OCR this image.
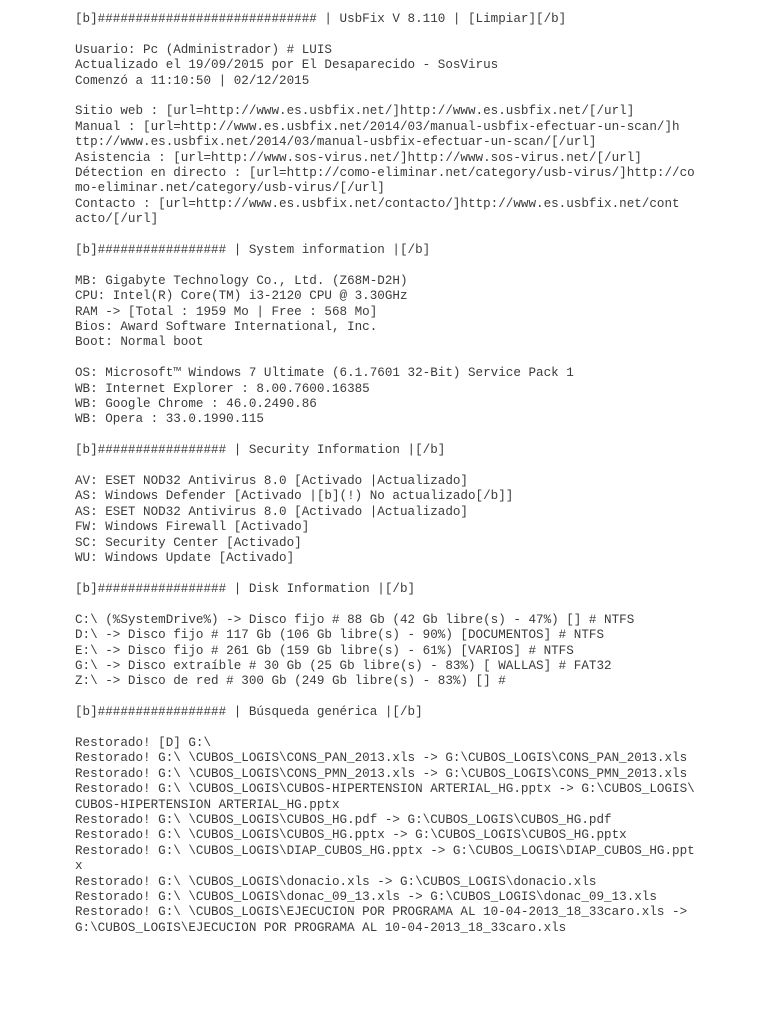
[b]############################# | UsbFix V 8.110 | [Limpiar][/b]
Usuario: Pc (Administrador) # LUIS
Actualizado el 19/09/2015 por El Desaparecido - SosVirus
Comenzó a 11:10:50 | 02/12/2015
Sitio web : [url=http://www.es.usbfix.net/]http://www.es.usbfix.net/[/url]
Manual : [url=http://www.es.usbfix.net/2014/03/manual-usbfix-efectuar-un-scan/]h
ttp://www.es.usbfix.net/2014/03/manual-usbfix-efectuar-un-scan/[/url]
Asistencia : [url=http://www.sos-virus.net/]http://www.sos-virus.net/[/url]
Détection en directo : [url=http://como-eliminar.net/category/usb-virus/]http://co
mo-eliminar.net/category/usb-virus/[/url]
Contacto : [url=http://www.es.usbfix.net/contacto/]http://www.es.usbfix.net/cont
acto/[/url]
[b]################# | System information |[/b]
MB: Gigabyte Technology Co., Ltd. (Z68M-D2H)
CPU: Intel(R) Core(TM) i3-2120 CPU @ 3.30GHz
RAM -> [Total : 1959 Mo | Free : 568 Mo]
Bios: Award Software International, Inc.
Boot: Normal boot
OS: Microsoft™ Windows 7 Ultimate (6.1.7601 32-Bit) Service Pack 1
WB: Internet Explorer : 8.00.7600.16385
WB: Google Chrome : 46.0.2490.86
WB: Opera : 33.0.1990.115
[b]################# | Security Information |[/b]
AV: ESET NOD32 Antivirus 8.0 [Activado |Actualizado]
AS: Windows Defender [Activado |[b](!) No actualizado[/b]]
AS: ESET NOD32 Antivirus 8.0 [Activado |Actualizado]
FW: Windows Firewall [Activado]
SC: Security Center [Activado]
WU: Windows Update [Activado]
[b]################# | Disk Information |[/b]
C:\ (%SystemDrive%) -> Disco fijo # 88 Gb (42 Gb libre(s) - 47%) [] # NTFS
D:\ -> Disco fijo # 117 Gb (106 Gb libre(s) - 90%) [DOCUMENTOS] # NTFS
E:\ -> Disco fijo # 261 Gb (159 Gb libre(s) - 61%) [VARIOS] # NTFS
G:\ -> Disco extraíble # 30 Gb (25 Gb libre(s) - 83%) [ WALLAS] # FAT32
Z:\ -> Disco de red # 300 Gb (249 Gb libre(s) - 83%) [] #
[b]################# | Búsqueda genérica |[/b]
Restorado! [D] G:\
Restorado! G:\ \CUBOS_LOGIS\CONS_PAN_2013.xls -> G:\CUBOS_LOGIS\CONS_PAN_2013.xls
Restorado! G:\ \CUBOS_LOGIS\CONS_PMN_2013.xls -> G:\CUBOS_LOGIS\CONS_PMN_2013.xls
Restorado! G:\ \CUBOS_LOGIS\CUBOS-HIPERTENSION ARTERIAL_HG.pptx -> G:\CUBOS_LOGIS\
CUBOS-HIPERTENSION ARTERIAL_HG.pptx
Restorado! G:\ \CUBOS_LOGIS\CUBOS_HG.pdf -> G:\CUBOS_LOGIS\CUBOS_HG.pdf
Restorado! G:\ \CUBOS_LOGIS\CUBOS_HG.pptx -> G:\CUBOS_LOGIS\CUBOS_HG.pptx
Restorado! G:\ \CUBOS_LOGIS\DIAP_CUBOS_HG.pptx -> G:\CUBOS_LOGIS\DIAP_CUBOS_HG.ppt
x
Restorado! G:\ \CUBOS_LOGIS\donacio.xls -> G:\CUBOS_LOGIS\donacio.xls
Restorado! G:\ \CUBOS_LOGIS\donac_09_13.xls -> G:\CUBOS_LOGIS\donac_09_13.xls
Restorado! G:\ \CUBOS_LOGIS\EJECUCION POR PROGRAMA AL 10-04-2013_18_33caro.xls ->
G:\CUBOS_LOGIS\EJECUCION POR PROGRAMA AL 10-04-2013_18_33caro.xls
